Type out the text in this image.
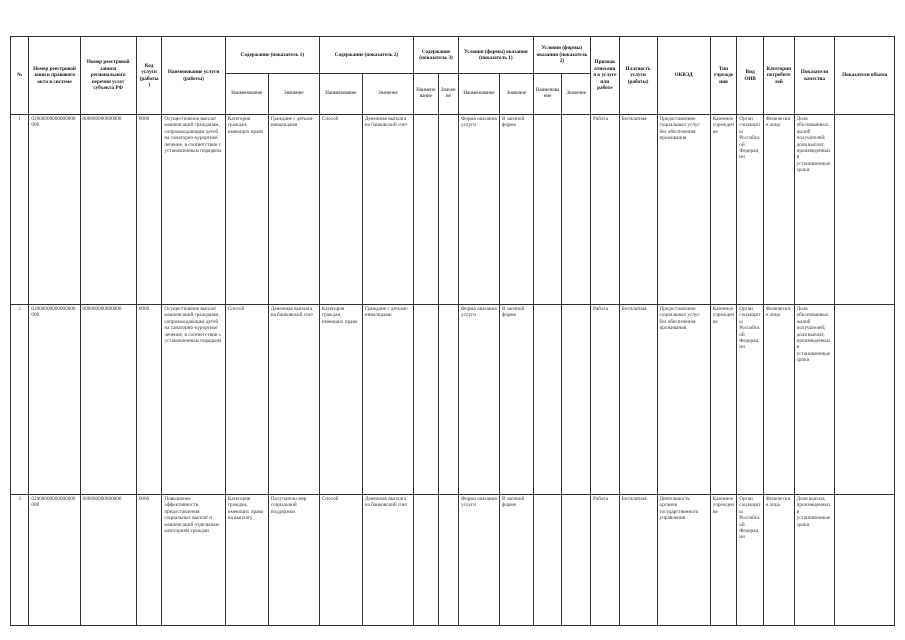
№	Номер реестровой записи правового акта в системе	Номер реестровой записи регионального перечня услуг субъекта РФ	Код услуги (работы)	Наименование услуги (работы)	Содержание (показатель 1)		Содержание (показатель 2)		Содержание (показатель 3)		Условия (формы) оказания (показатель 1)		Условия (формы) оказания (показатель 2)		Признак отнесения к услуге или работе	Платность услуги (работы)	ОКВЭД	Тип учреждения	Вид ОИВ	Категории потребителей	Показатели качества	Показатели объема
					Наименование	Значение	Наименование	Значение	Наименование	Значение	Наименование	Значение	Наименование	Значение								
1	02000000000000000000	000000000000000	0000	Осуществление выплат компенсаций гражданам, сопровождающим детей на санаторно-курортное лечение, в соответствии с установленным порядком	Категория граждан, имеющих право	Граждане с детьми-инвалидами	Способ	Денежная выплата на банковский счет			Форма оказания услуги	В заочной форме			Работа	Бесплатная	Предоставление социальных услуг без обеспечения проживания	Казенное учреждение	Орган соцзащиты Российской Федерации	Физические лица	Доля обоснованных жалоб получателей; доля выплат, произведенных в установленные сроки	
2	02000000000000000000	000000000000000	0000	Осуществление выплат компенсаций гражданам, сопровождающим детей на санаторно-курортное лечение, в соответствии с установленным порядком	Способ	Денежная выплата на банковский счет	Категория граждан, имеющих право	Граждане с детьми-инвалидами			Форма оказания услуги	В заочной форме			Работа	Бесплатная	Предоставление социальных услуг без обеспечения проживания	Казенное учреждение	Орган соцзащиты Российской Федерации	Физические лица	Доля обоснованных жалоб получателей; доля выплат, произведенных в установленные сроки	
3	02000000000000000000	000000000000000	0000	Повышение эффективности предоставления социальных выплат и компенсаций отдельным категориям граждан	Категория граждан, имеющих право на выплату	Получатели мер социальной поддержки	Способ	Денежная выплата на банковский счет			Форма оказания услуги	В заочной форме			Работа	Бесплатная	Деятельность органов государственного управления	Казенное учреждение	Орган соцзащиты Российской Федерации	Физические лица	Доля выплат, произведенных в установленные сроки	
